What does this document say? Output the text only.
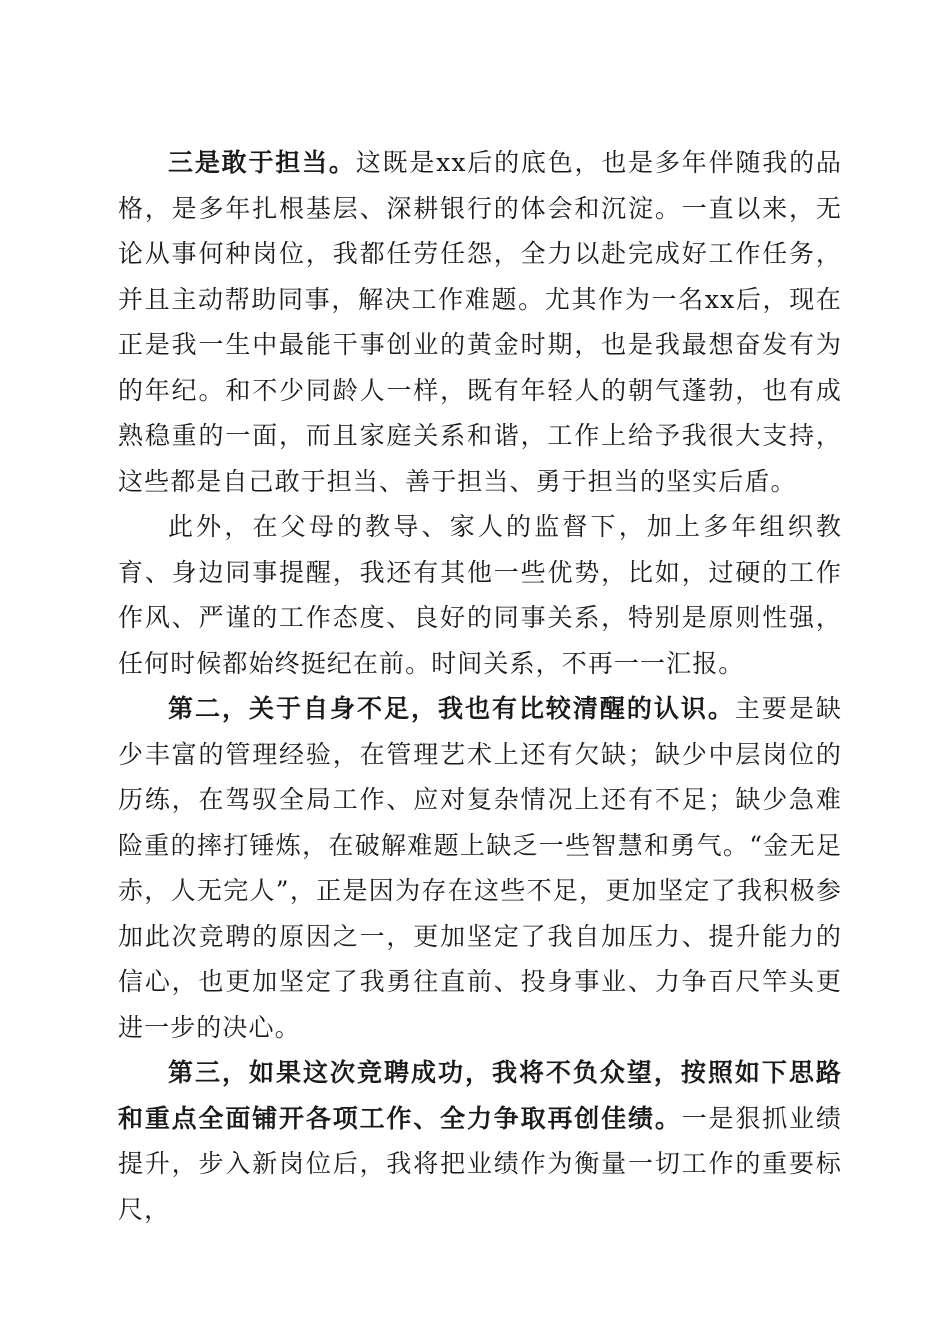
三是敢于担当。这既是xx后的底色，也是多年伴随我的品格，是多年扎根基层、深耕银行的体会和沉淀。一直以来，无论从事何种岗位，我都任劳任怨，全力以赴完成好工作任务，并且主动帮助同事，解决工作难题。尤其作为一名xx后，现在正是我一生中最能干事创业的黄金时期，也是我最想奋发有为的年纪。和不少同龄人一样，既有年轻人的朝气蓬勃，也有成熟稳重的一面，而且家庭关系和谐，工作上给予我很大支持，这些都是自己敢于担当、善于担当、勇于担当的坚实后盾。

此外，在父母的教导、家人的监督下，加上多年组织教育、身边同事提醒，我还有其他一些优势，比如，过硬的工作作风、严谨的工作态度、良好的同事关系，特别是原则性强，任何时候都始终挺纪在前。时间关系，不再一一汇报。

第二，关于自身不足，我也有比较清醒的认识。主要是缺少丰富的管理经验，在管理艺术上还有欠缺；缺少中层岗位的历练，在驾驭全局工作、应对复杂情况上还有不足；缺少急难险重的摔打锤炼，在破解难题上缺乏一些智慧和勇气。“金无足赤，人无完人”，正是因为存在这些不足，更加坚定了我积极参加此次竞聘的原因之一，更加坚定了我自加压力、提升能力的信心，也更加坚定了我勇往直前、投身事业、力争百尺竿头更进一步的决心。

第三，如果这次竞聘成功，我将不负众望，按照如下思路和重点全面铺开各项工作、全力争取再创佳绩。一是狠抓业绩提升，步入新岗位后，我将把业绩作为衡量一切工作的重要标尺，
